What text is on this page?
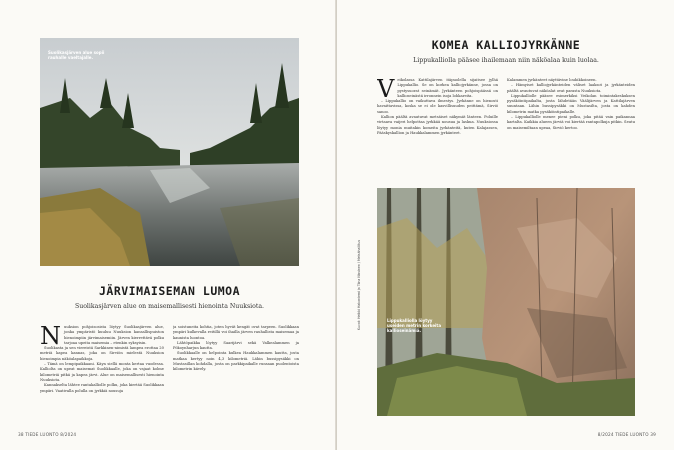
Suolikasjärven alue sopii rauhalle vaeltajalle.
JÄRVIMAISEMAN LUMOA

Suolikasjärven alue on maisemallisesti hienointa Nuuksiota.

Nuuksion pohjoisosista löytyy Suolikasjärven alue, jonka ympäristö kuuluu Nuuksion kansallispuiston hienoimpiin järvimaisemiin. Järven kierrettävä polku tarjoaa upeita maisemia – etenkin syksyisin.

Suolikasta ja sen viereistä Sarkkinen-nimistä lampea erottaa 20 metriä kapea kannas, joka on Sirviön mielestä Nuuksion hienoimpia näköalapaikkoja.

– Tämä on lempipaikkaani. Käyn siellä monta kertaa vuodessa. Kalliolta on upeat maisemat Suolikkaalle, joka on vajaat kolme kilometriä pitkä ja kapea järvi. Alue on maisemallisesti hienointa Nuuksiota.

Kannakselta lähtee rantakalliolle polku, joka kiertää Suolikkaan ympäri. Vaativalla polulla on jyrkkiä nousuja

ja soistuneita kohtia, joten hyvät kengät ovat tarpeen. Suolikkaan ympäri kulkevalla reitillä voi ihailla järven rauhallista maisemaa ja kaunista luontoa.

Lähtöpaikka löytyy Saarijärvi sekä Valkealammen ja Pökoynharjun kautta.

Suolikkaalle on helpointa kulkea Haukkalammen kautta, josta matkaa kertyy noin 4,3 kilometriä. Lähin bussipysäkki on Mustasillan kohdalla, josta on parkkipaikalle runsaan puolentoista kilometrin kävely.

38 TIEDE LUONTO 8/2024
KOMEA KALLIOJYRKÄNNE

Lippukalliolla pääsee ihailemaan niin näköalaa kuin luolaa.

Veikolassa Kattilajärven itäpuolella sijaitsee jylhä Lippukallio. Se on korkea kalliojyrkänne, jossa on pystysuorat seinämät. Jyrkänteen pohjoispäässä on kallioseinästä irronnein isoja lohkareita.

– Lippukallio on vaikuttava ilmestys. Jyrkänne on hienosti havaittavissa, koska se ei ole kasvillisuuden peittämä, Sirviö sanoo.

Kallion päältä avautuvat metsäiset näkymät länteen. Poluille virtaava vaijeri helpottaa jyrkkää nousua ja laskua. Nuuksiossa löytyy monia muitakin komeita jyrkänteitä, kuten Kalajassen, Pääskyskallion ja Haukkalammen jyrkänteet.

Kalammen jyrkänteet näyttävine louhikkoineen.

– Hämyiset kalliojyrkänteiden väliset laaksot ja jyrkänteiden päältä avautuvat näköalat ovat parasta Nuuksiota.

Lippukalliolle pääsee esimerkiksi Veikolan toimintakeskuksen pysäköintipaikalta, josta lähdetään Väälijärven ja Kattilajärven suuntaan. Lähin bussipysäkki on Mustasilta, josta on kahden kilometrin matka pysäköintipaikalle.

– Lippukalliolle menee pieni polku, joka pitää vain paikannaa kartalta. Kaikkia alueen järviä voi kiertää rantapolkuja pitkin. Seutu on maisemiltaan upeaa, Sirviö kertoo.

Lippukalliolla löytyy useiden metrin korkeita kallioseinämiä.
Kuvat: Heikki Hakaniemi ja Tiina Nissinen / Metsähallitus
8/2024 TIEDE LUONTO 39
